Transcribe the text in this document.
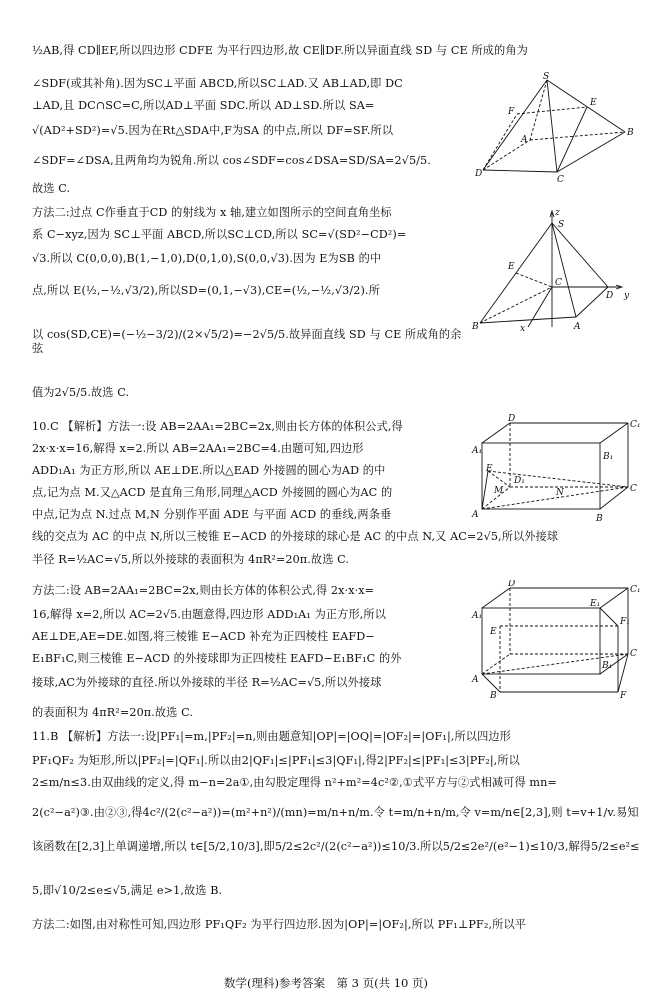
½AB,得 CD∥EF,所以四边形 CDFE 为平行四边形,故 CE∥DF.所以异面直线 SD 与 CE 所成的角为
∠SDF(或其补角).因为SC⊥平面 ABCD,所以SC⊥AD.又 AB⊥AD,即 DC
⊥AD,且 DC∩SC=C,所以AD⊥平面 SDC.所以 AD⊥SD.所以 SA=
√(AD²+SD²)=√5.因为在Rt△SDA中,F为SA 的中点,所以 DF=SF.所以
∠SDF=∠DSA,且两角均为锐角.所以 cos∠SDF=cos∠DSA=SD/SA=2√5/5.
故选 C.
方法二:过点 C作垂直于CD 的射线为 x 轴,建立如图所示的空间直角坐标
系 C−xyz,因为 SC⊥平面 ABCD,所以SC⊥CD,所以 SC=√(SD²−CD²)=
√3.所以 C(0,0,0),B(1,−1,0),D(0,1,0),S(0,0,√3).因为 E为SB 的中
点,所以 E(½,−½,√3/2),所以SD=(0,1,−√3),CE=(½,−½,√3/2).所
以 cos(SD,CE)=(−½−3/2)/(2×√5/2)=−2√5/5.故异面直线 SD 与 CE 所成角的余弦
值为2√5/5.故选 C.
10.C 【解析】方法一:设 AB=2AA₁=2BC=2x,则由长方体的体积公式,得
2x·x·x=16,解得 x=2.所以 AB=2AA₁=2BC=4.由题可知,四边形
ADD₁A₁ 为正方形,所以 AE⊥DE.所以△EAD 外接圆的圆心为AD 的中
点,记为点 M.又△ACD 是直角三角形,同理△ACD 外接圆的圆心为AC 的
中点,记为点 N.过点 M,N 分别作平面 ADE 与平面 ACD 的垂线,两条垂
线的交点为 AC 的中点 N,所以三棱锥 E−ACD 的外接球的球心是 AC 的中点 N,又 AC=2√5,所以外接球
半径 R=½AC=√5,所以外接球的表面积为 4πR²=20π.故选 C.
方法二:设 AB=2AA₁=2BC=2x,则由长方体的体积公式,得 2x·x·x=
16,解得 x=2,所以 AC=2√5.由题意得,四边形 ADD₁A₁ 为正方形,所以
AE⊥DE,AE=DE.如图,将三棱锥 E−ACD 补充为正四棱柱 EAFD−
E₁BF₁C,则三棱锥 E−ACD 的外接球即为正四棱柱 EAFD−E₁BF₁C 的外
接球,AC为外接球的直径.所以外接球的半径 R=½AC=√5,所以外接球
的表面积为 4πR²=20π.故选 C.
11.B 【解析】方法一:设|PF₁|=m,|PF₂|=n,则由题意知|OP|=|OQ|=|OF₂|=|OF₁|,所以四边形
PF₁QF₂ 为矩形,所以|PF₂|=|QF₁|.所以由2|QF₁|≤|PF₁|≤3|QF₁|,得2|PF₂|≤|PF₁|≤3|PF₂|,所以
2≤m/n≤3.由双曲线的定义,得 m−n=2a①,由勾股定理得 n²+m²=4c²②,①式平方与②式相减可得 mn=
2(c²−a²)③.由②③,得4c²/(2(c²−a²))=(m²+n²)/(mn)=m/n+n/m.令 t=m/n+n/m,令 v=m/n∈[2,3],则 t=v+1/v.易知
该函数在[2,3]上单调递增,所以 t∈[5/2,10/3],即5/2≤2c²/(2(c²−a²))≤10/3.所以5/2≤2e²/(e²−1)≤10/3,解得5/2≤e²≤
5,即√10/2≤e≤√5,满足 e>1,故选 B.
方法二:如图,由对称性可知,四边形 PF₁QF₂ 为平行四边形.因为|OP|=|OF₂|,所以 PF₁⊥PF₂,所以平
数学(理科)参考答案　第 3 页(共 10 页)
S
E
F
A
B
D
C
z
S
E
C
D y
B	x	A
D
C₁
A₁
E
B₁
M	N	C
A	B
D₁
D
C₁
E₁
A₁
F₁
E
C
B₁
A
F
B
